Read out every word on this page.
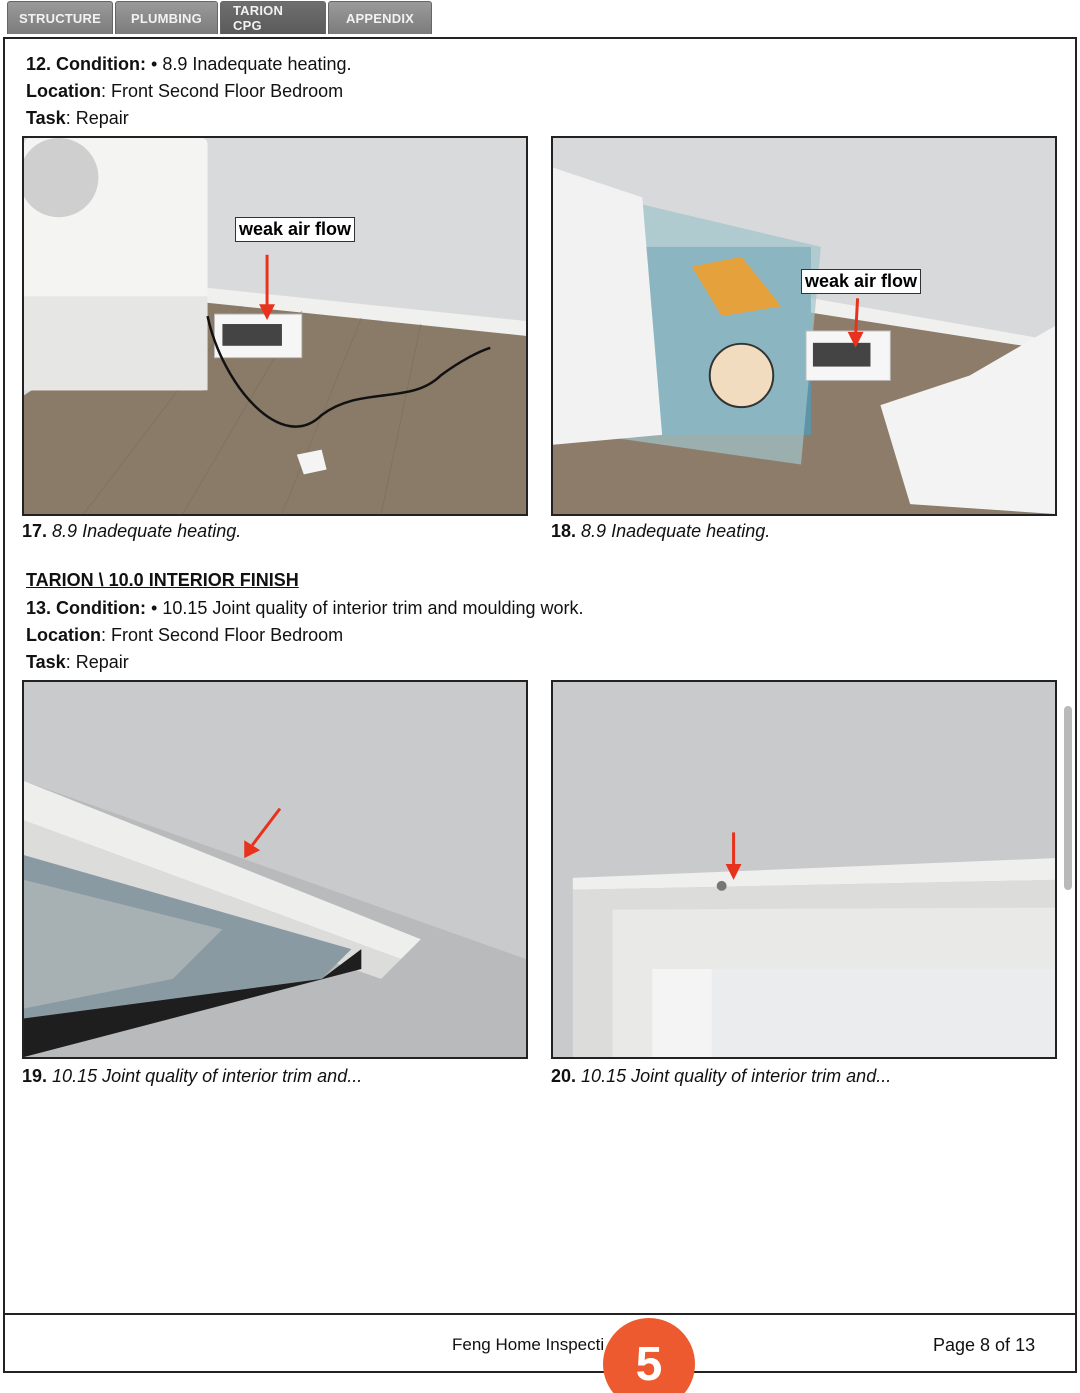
STRUCTURE	PLUMBING	TARION CPG	APPENDIX
12. Condition: • 8.9 Inadequate heating.
Location: Front Second Floor Bedroom
Task: Repair
weak air flow
17. 8.9 Inadequate heating.
weak air flow
18. 8.9 Inadequate heating.
TARION \ 10.0 INTERIOR FINISH
13. Condition: • 10.15 Joint quality of interior trim and moulding work.
Location: Front Second Floor Bedroom
Task: Repair
19. 10.15 Joint quality of interior trim and...	20. 10.15 Joint quality of interior trim and...
Feng Home Inspecti	Page 8 of 13
5
